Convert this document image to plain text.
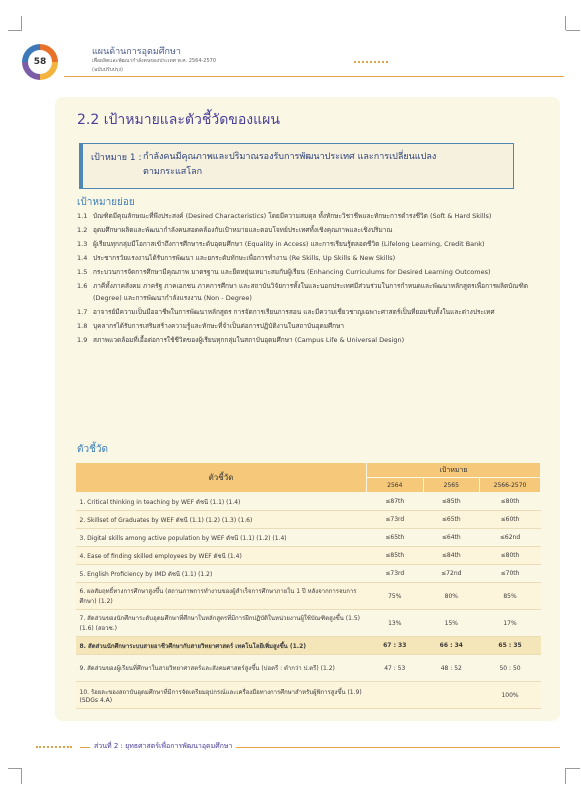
58
แผนด้านการอุดมศึกษา
เพื่อผลิตและพัฒนากำลังคนของประเทศ พ.ศ. 2564-2570
(ฉบับปรับปรุง)
2.2 เป้าหมายและตัวชี้วัดของแผน
เป้าหมาย 1 : กำลังคนมีคุณภาพและปริมาณรองรับการพัฒนาประเทศ และการเปลี่ยนแปลงตามกระแสโลก
เป้าหมายย่อย
1.1 บัณฑิตมีคุณลักษณะที่พึงประสงค์ (Desired Characteristics) โดยมีความสมดุล ทั้งทักษะวิชาชีพและทักษะการดำรงชีวิต (Soft & Hard Skills)
1.2 อุดมศึกษาผลิตและพัฒนากำลังคนสอดคล้องกับเป้าหมายและตอบโจทย์ประเทศทั้งเชิงคุณภาพและเชิงปริมาณ
1.3 ผู้เรียนทุกกลุ่มมีโอกาสเข้าถึงการศึกษาระดับอุดมศึกษา (Equality in Access) และการเรียนรู้ตลอดชีวิต (Lifelong Learning, Credit Bank)
1.4 ประชากรวัยแรงงานได้รับการพัฒนา และยกระดับทักษะเพื่อการทำงาน (Re Skills, Up Skills & New Skills)
1.5 กระบวนการจัดการศึกษามีคุณภาพ มาตรฐาน และยืดหยุ่นเหมาะสมกับผู้เรียน (Enhancing Curriculums for Desired Learning Outcomes)
1.6 ภาคีทั้งภาคสังคม ภาครัฐ ภาคเอกชน ภาคการศึกษา และสถาบันวิจัยการทั้งในและนอกประเทศมีส่วนร่วมในการกำหนดและพัฒนาหลักสูตรเพื่อการผลิตบัณฑิต (Degree) และการพัฒนากำลังแรงงาน (Non - Degree)
1.7 อาจารย์มีความเป็นมืออาชีพในการพัฒนาหลักสูตร การจัดการเรียนการสอน และมีความเชี่ยวชาญเฉพาะศาสตร์เป็นที่ยอมรับทั้งในและต่างประเทศ
1.8 บุคลากรได้รับการเสริมสร้างความรู้และทักษะที่จำเป็นต่อการปฏิบัติงานในสถาบันอุดมศึกษา
1.9 สภาพแวดล้อมที่เอื้อต่อการใช้ชีวิตของผู้เรียนทุกกลุ่มในสถาบันอุดมศึกษา (Campus Life & Universal Design)
ตัวชี้วัด
ตัวชี้วัด	เป้าหมาย		
	2564	2565	2566-2570
1. Critical thinking in teaching by WEF ดัชนี (1.1) (1.4)	≤87th	≤85th	≤80th
2. Skillset of Graduates by WEF ดัชนี (1.1) (1.2) (1.3) (1.6)	≤73rd	≤65th	≤60th
3. Digital skills among active population by WEF ดัชนี (1.1) (1.2) (1.4)	≤65th	≤64th	≤62nd
4. Ease of finding skilled employees by WEF ดัชนี (1.4)	≤85th	≤84th	≤80th
5. English Proficiency by IMD ดัชนี (1.1) (1.2)	≤73rd	≤72nd	≤70th
6. ผลสัมฤทธิ์ทางการศึกษาสูงขึ้น (สถานภาพการทำงานของผู้สำเร็จการศึกษาภายใน 1 ปี หลังจากการจบการศึกษา) (1.2)	75%	80%	85%
7. สัดส่วนของนักศึกษาระดับอุดมศึกษาที่ศึกษาในหลักสูตรที่มีการฝึกปฏิบัติในหน่วยงานผู้ใช้บัณฑิตสูงขึ้น (1.5) (1.6) (สอวช.)	13%	15%	17%
8. สัดส่วนนักศึกษาระบบสายอาชีวศึกษากับสายวิทยาศาสตร์ เทคโนโลยีเพิ่มสูงขึ้น (1.2)	67 : 33	66 : 34	65 : 35
9. สัดส่วนของผู้เรียนที่ศึกษาในสายวิทยาศาสตร์และสังคมศาสตร์สูงขึ้น (ปอตรี : ตำกว่า ป.ตรี) (1.2)	47 : 53	48 : 52	50 : 50
10. ร้อยละของสถาบันอุดมศึกษาที่มีการจัดเตรียมอุปกรณ์และเครื่องมือทางการศึกษาสำหรับผู้พิการสูงขึ้น (1.9) (SDGs 4.A)			100%
ส่วนที่ 2 : ยุทธศาสตร์เพื่อการพัฒนาอุดมศึกษา
